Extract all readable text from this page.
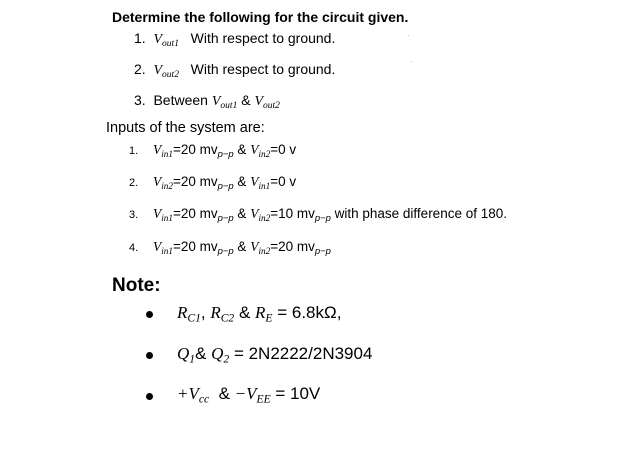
Determine the following for the circuit given.
1. $V_{out1}$ With respect to ground.
2. $V_{out2}$ With respect to ground.
3. Between $V_{out1}$ & $V_{out2}$
Inputs of the system are:
1. $V_{in1}=20$ $mv_{p-p}$ & $V_{in2}=0$ v
2. $V_{in2}=20$ $mv_{p-p}$ & $V_{in1}=0$ v
3. $V_{in1}=20$ $mv_{p-p}$ & $V_{in2}=10$ $mv_{p-p}$ with phase difference of 180.
4. $V_{in1}=20$ $mv_{p-p}$ & $V_{in2}=20$ $mv_{p-p}$
Note:
$R_{C1}$, $R_{C2}$ & $R_E = 6.8k\Omega$,
$Q_1\&$ $Q_2 = 2N2222/2N3904$
$+V_{cc}$ & $-V_{EE} = 10V$
